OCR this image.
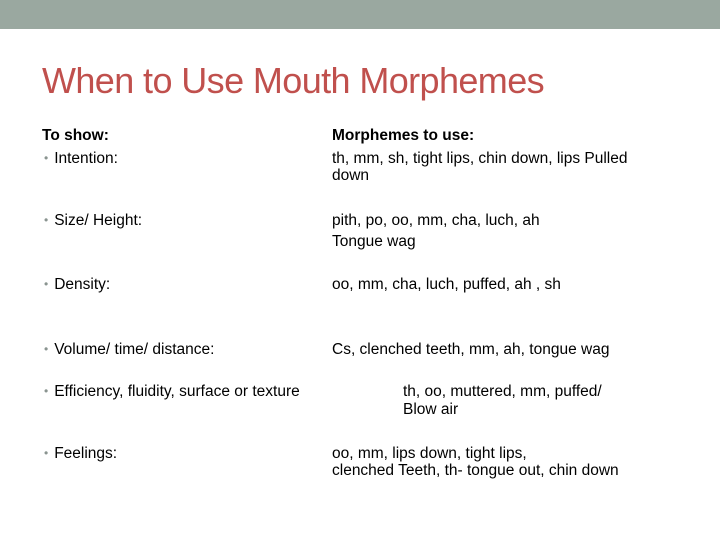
When to Use Mouth Morphemes
To show:	Morphemes to use:
• Intention:	th, mm, sh, tight lips, chin down, lips Pulled
down
• Size/ Height:	pith, po, oo, mm, cha, luch, ah
Tongue wag
• Density:	oo, mm, cha, luch, puffed, ah , sh
• Volume/ time/ distance:	Cs, clenched teeth, mm, ah, tongue wag
• Efficiency, fluidity, surface or texture	th, oo, muttered, mm, puffed/
Blow air
• Feelings:	oo, mm, lips down, tight lips,
clenched Teeth, th- tongue out, chin down
